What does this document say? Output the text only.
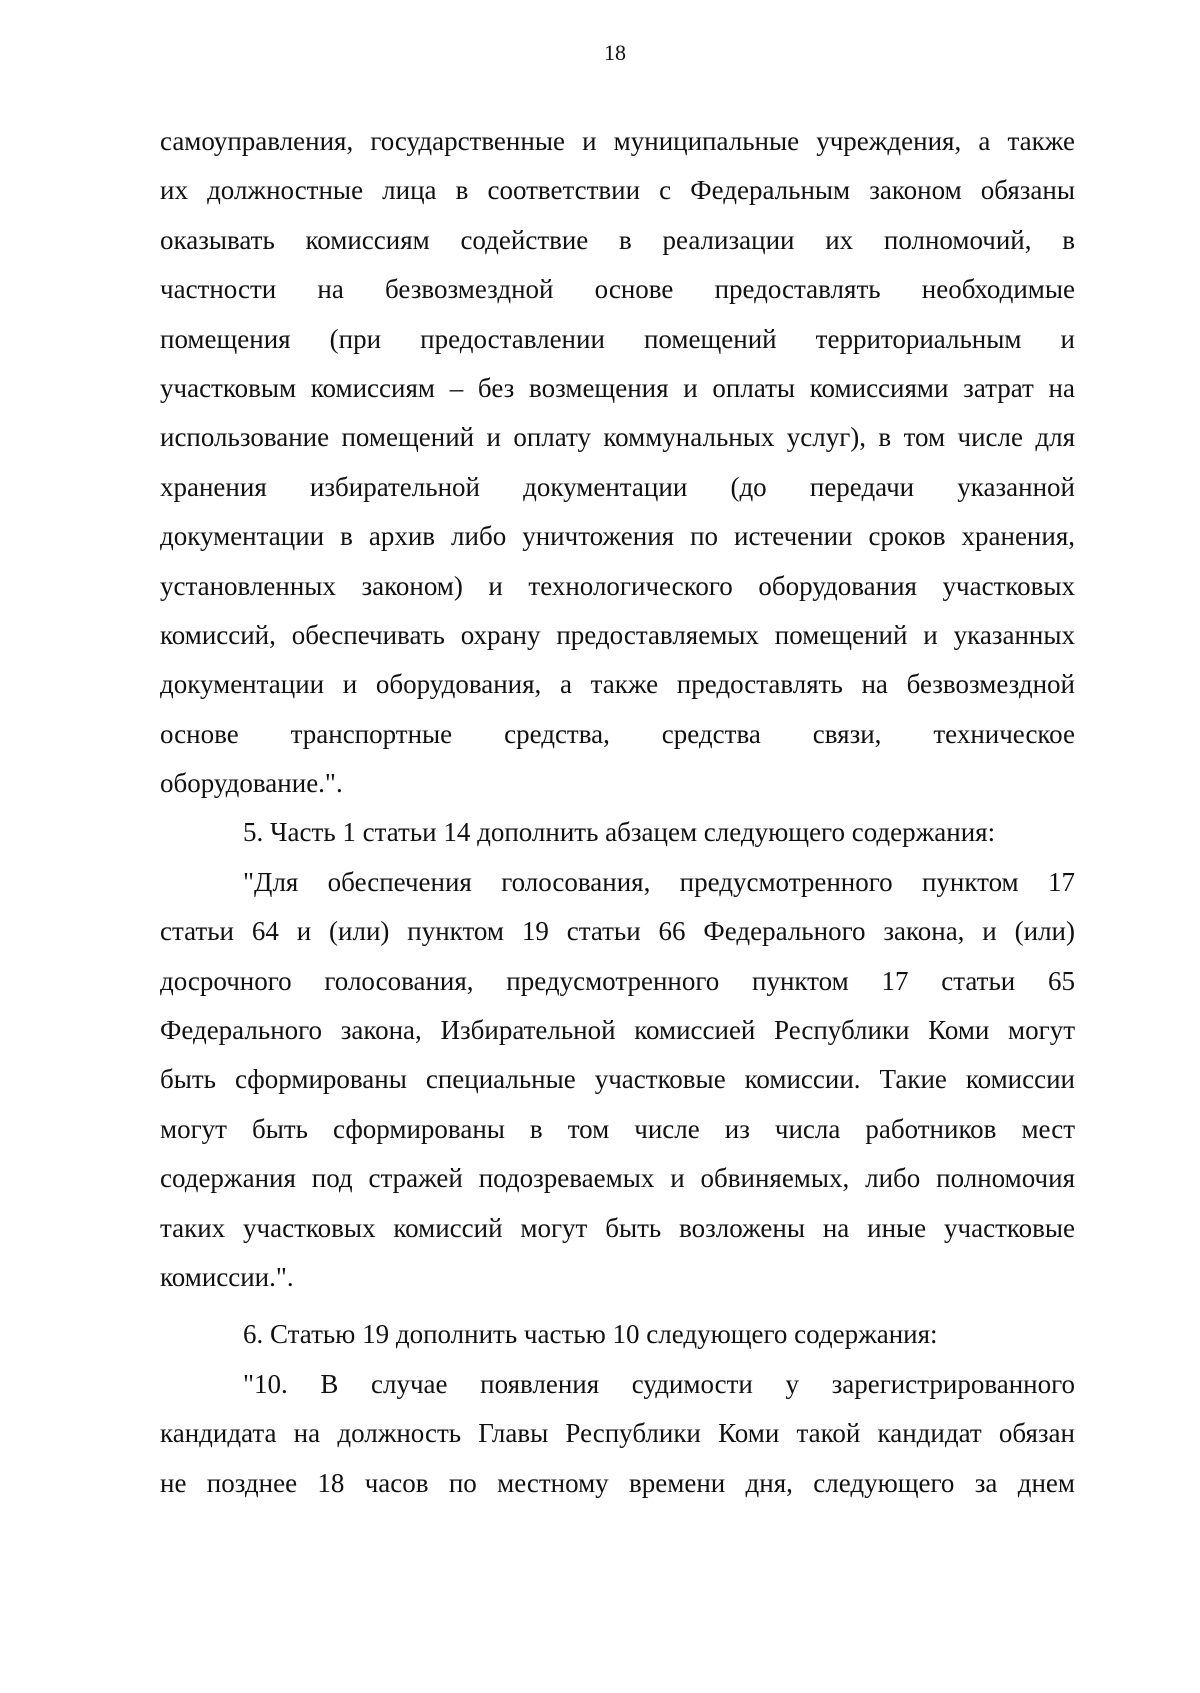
18
самоуправления, государственные и муниципальные учреждения, а также
их должностные лица в соответствии с Федеральным законом обязаны
оказывать комиссиям содействие в реализации их полномочий, в
частности на безвозмездной основе предоставлять необходимые
помещения (при предоставлении помещений территориальным и
участковым комиссиям – без возмещения и оплаты комиссиями затрат на
использование помещений и оплату коммунальных услуг), в том числе для
хранения избирательной документации (до передачи указанной
документации в архив либо уничтожения по истечении сроков хранения,
установленных законом) и технологического оборудования участковых
комиссий, обеспечивать охрану предоставляемых помещений и указанных
документации и оборудования, а также предоставлять на безвозмездной
основе транспортные средства, средства связи, техническое
оборудование.".
5. Часть 1 статьи 14 дополнить абзацем следующего содержания:
"Для обеспечения голосования, предусмотренного пунктом 17
статьи 64 и (или) пунктом 19 статьи 66 Федерального закона, и (или)
досрочного голосования, предусмотренного пунктом 17 статьи 65
Федерального закона, Избирательной комиссией Республики Коми могут
быть сформированы специальные участковые комиссии. Такие комиссии
могут быть сформированы в том числе из числа работников мест
содержания под стражей подозреваемых и обвиняемых, либо полномочия
таких участковых комиссий могут быть возложены на иные участковые
комиссии.".
6. Статью 19 дополнить частью 10 следующего содержания:
"10. В случае появления судимости у зарегистрированного
кандидата на должность Главы Республики Коми такой кандидат обязан
не позднее 18 часов по местному времени дня, следующего за днем
